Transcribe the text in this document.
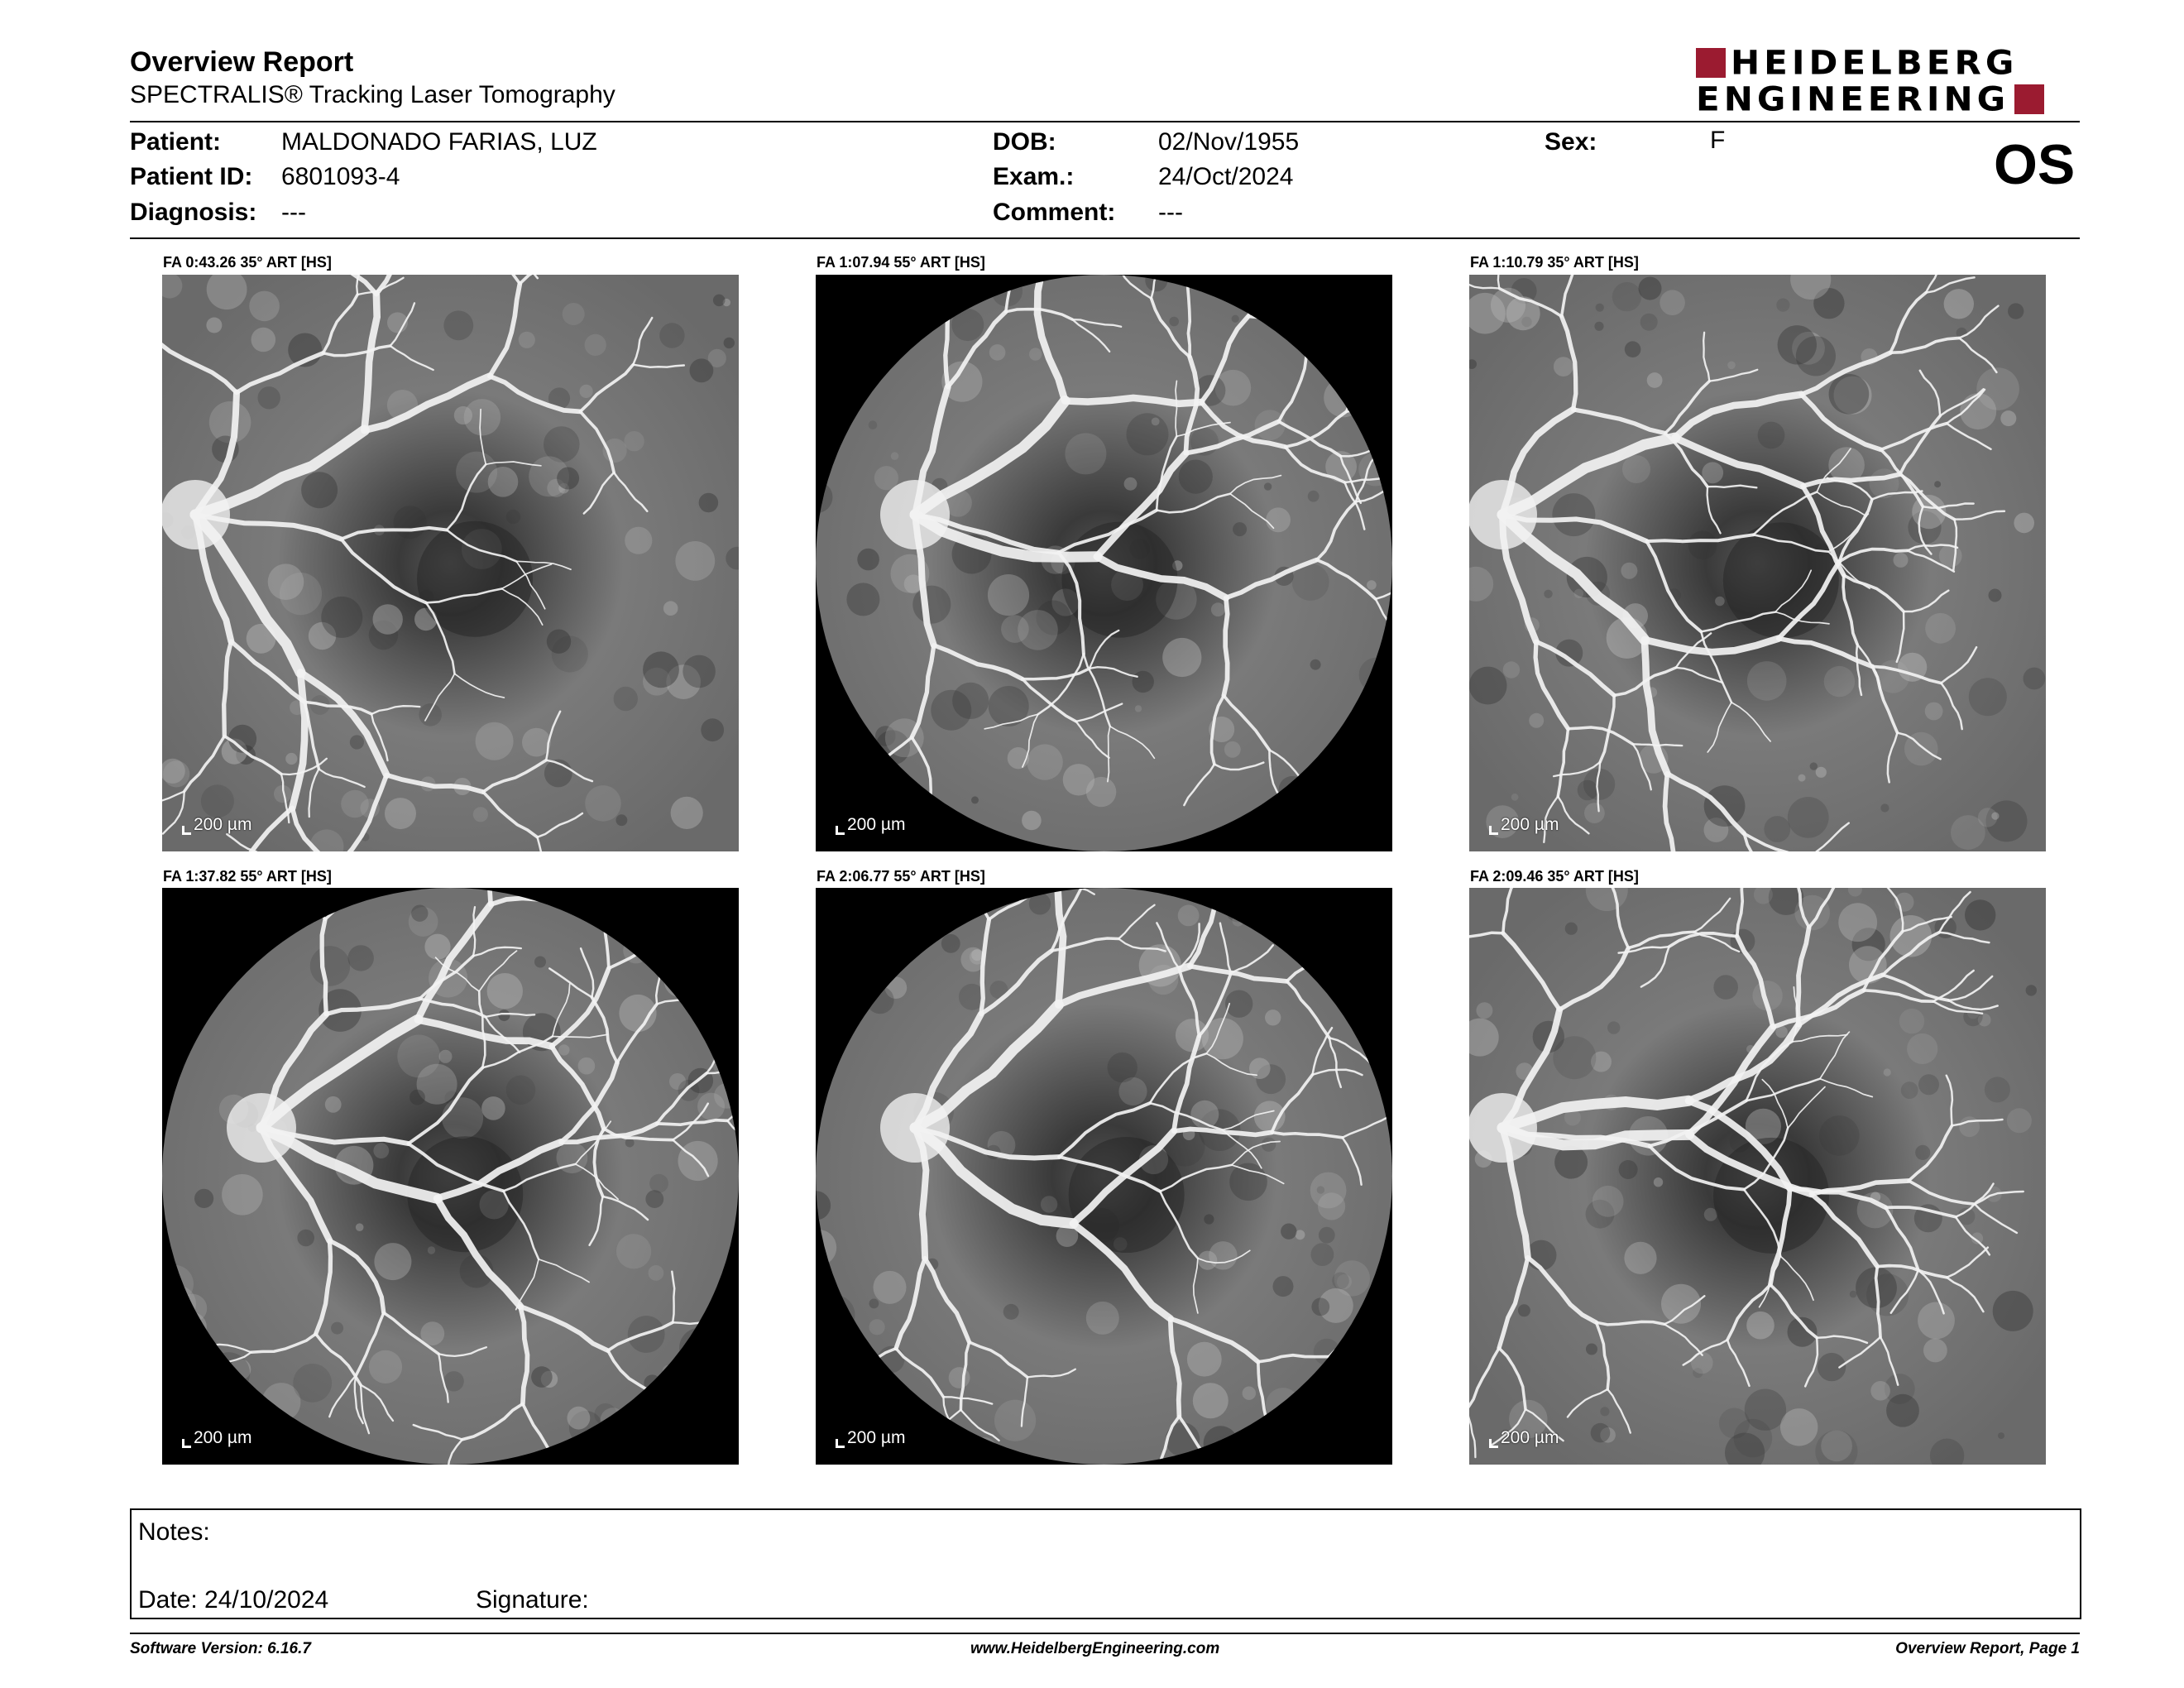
Overview Report
SPECTRALIS® Tracking Laser Tomography
HEIDELBERG
ENGINEERING
Patient: MALDONADO FARIAS, LUZ
Patient ID: 6801093-4
Diagnosis: ---
DOB:	02/Nov/1955
Exam.:	24/Oct/2024
Comment: ---
Sex:	F	OS
FA 0:43.26 35° ART [HS]
200 µm
FA 1:07.94 55° ART [HS]
200 µm
FA 1:10.79 35° ART [HS]
200 µm
FA 1:37.82 55° ART [HS]
200 µm
FA 2:06.77 55° ART [HS]
200 µm
FA 2:09.46 35° ART [HS]
200 µm
Notes:
Date: 24/10/2024	Signature:
Software Version: 6.16.7	www.HeidelbergEngineering.com	Overview Report, Page 1
